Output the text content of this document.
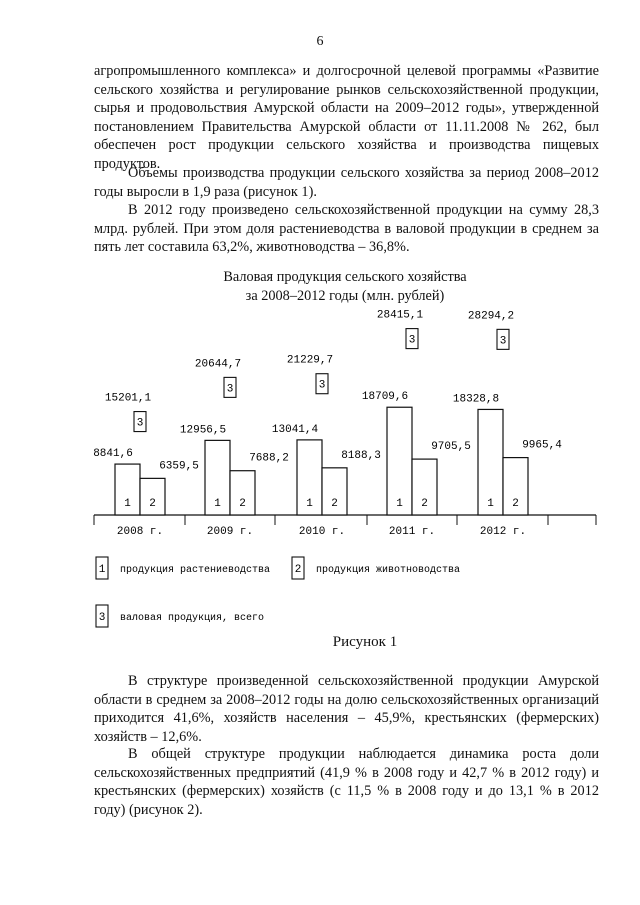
6

агропромышленного комплекса» и долгосрочной целевой программы «Развитие сельского хозяйства и регулирование рынков сельскохозяйственной продукции, сырья и продовольствия Амурской области на 2009–2012 годы», утвержденной постановлением Правительства Амурской области от 11.11.2008 № 262, был обеспечен рост продукции сельского хозяйства и производства пищевых продуктов.

Объемы производства продукции сельского хозяйства за период 2008–2012 годы выросли в 1,9 раза (рисунок 1).

В 2012 году произведено сельскохозяйственной продукции на сумму 28,3 млрд. рублей. При этом доля растениеводства в валовой продукции в среднем за пять лет составила 63,2%, животноводства – 36,8%.

Валовая продукция сельского хозяйства
за 2008–2012 годы (млн. рублей)
1
8841,6
2
6359,5
3
15201,1
2008 г.
1
12956,5
2
7688,2
3
20644,7
2009 г.
1
13041,4
2
8188,3
3
21229,7
2010 г.
1
18709,6
2
9705,5
3
28415,1
2011 г.
1
18328,8
2
9965,4
3
28294,2
2012 г.
1 продукция растениеводства 2 продукция животноводства
3 валовая продукция, всего
Рисунок 1

В структуре произведенной сельскохозяйственной продукции Амурской области в среднем за 2008–2012 годы на долю сельскохозяйственных организаций приходится 41,6%, хозяйств населения – 45,9%, крестьянских (фермерских) хозяйств – 12,6%.

В общей структуре продукции наблюдается динамика роста доли сельскохозяйственных предприятий (41,9 % в 2008 году и 42,7 % в 2012 году) и крестьянских (фермерских) хозяйств (с 11,5 % в 2008 году и до 13,1 % в 2012 году) (рисунок 2).
